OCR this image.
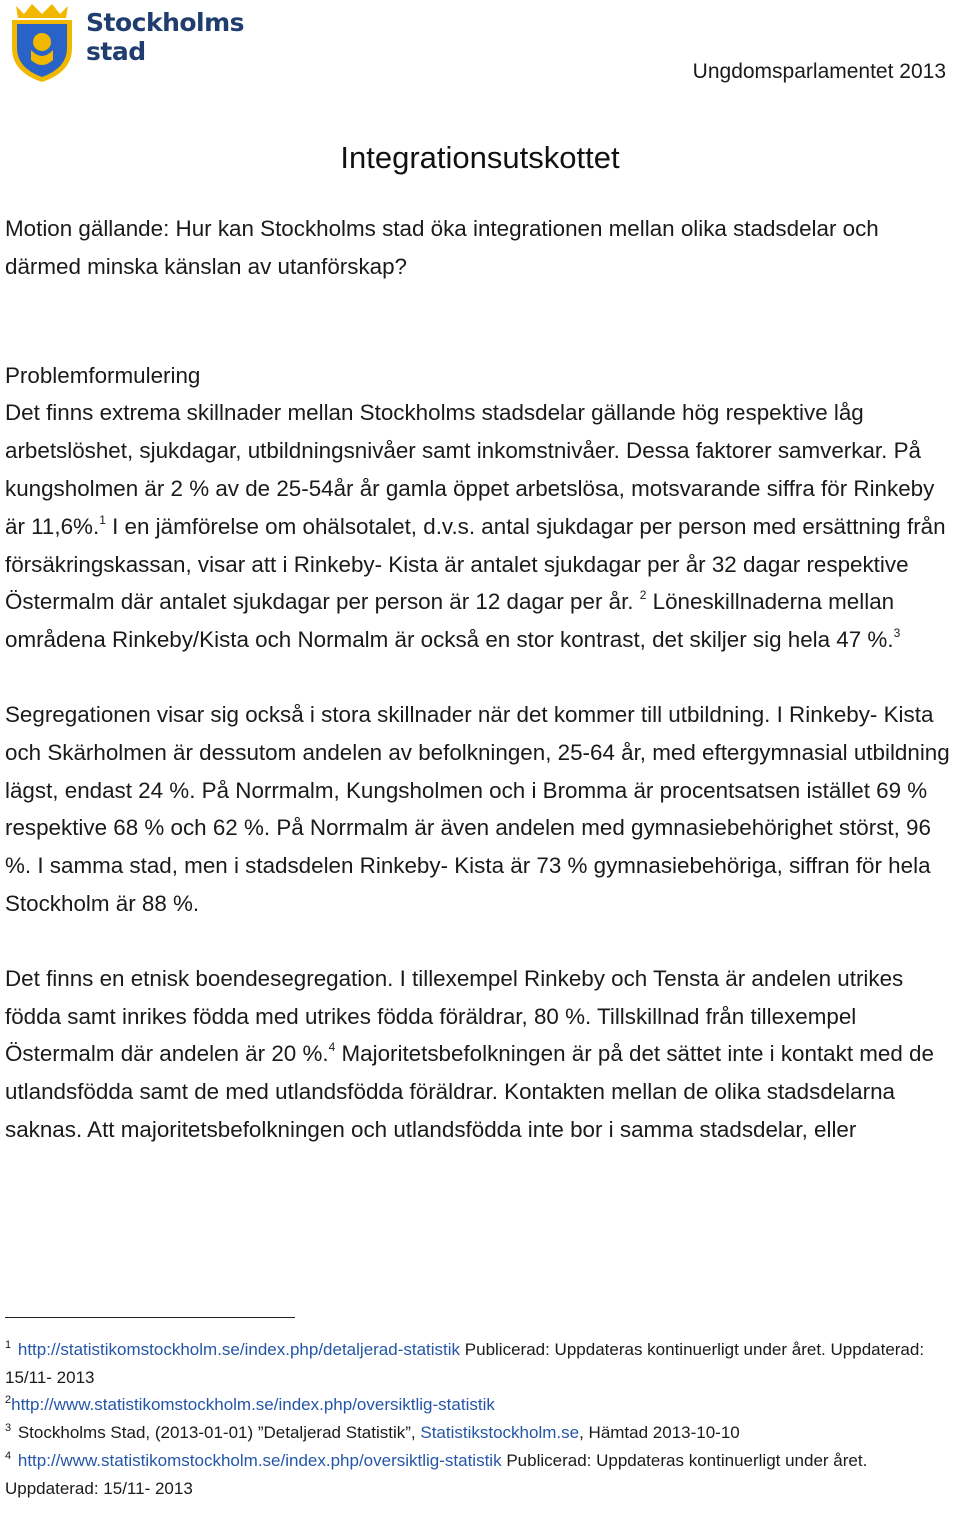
Stockholms
stad
Ungdomsparlamentet 2013
Integrationsutskottet

Motion gällande: Hur kan Stockholms stad öka integrationen mellan olika stadsdelar och därmed minska känslan av utanförskap?

Problemformulering

Det finns extrema skillnader mellan Stockholms stadsdelar gällande hög respektive låg arbetslöshet, sjukdagar, utbildningsnivåer samt inkomstnivåer. Dessa faktorer samverkar. På kungsholmen är 2 % av de 25-54år år gamla öppet arbetslösa, motsvarande siffra för Rinkeby är 11,6%.$^1$ I en jämförelse om ohälsotalet, d.v.s. antal sjukdagar per person med ersättning från försäkringskassan, visar att i Rinkeby- Kista är antalet sjukdagar per år 32 dagar respektive Östermalm där antalet sjukdagar per person är 12 dagar per år. $^2$ Löneskillnaderna mellan områdena Rinkeby/Kista och Normalm är också en stor kontrast, det skiljer sig hela 47 %.$^3$

Segregationen visar sig också i stora skillnader när det kommer till utbildning. I Rinkeby- Kista och Skärholmen är dessutom andelen av befolkningen, 25-64 år, med eftergymnasial utbildning lägst, endast 24 %. På Norrmalm, Kungsholmen och i Bromma är procentsatsen istället 69 % respektive 68 % och 62 %. På Norrmalm är även andelen med gymnasiebehörighet störst, 96 %. I samma stad, men i stadsdelen Rinkeby- Kista är 73 % gymnasiebehöriga, siffran för hela Stockholm är 88 %.

Det finns en etnisk boendesegregation. I tillexempel Rinkeby och Tensta är andelen utrikes födda samt inrikes födda med utrikes födda föräldrar, 80 %. Tillskillnad från tillexempel Östermalm där andelen är 20 %.$^4$ Majoritetsbefolkningen är på det sättet inte i kontakt med de utlandsfödda samt de med utlandsfödda föräldrar. Kontakten mellan de olika stadsdelarna saknas. Att majoritetsbefolkningen och utlandsfödda inte bor i samma stadsdelar, eller

$^1$ http://statistikomstockholm.se/index.php/detaljerad-statistik Publicerad: Uppdateras kontinuerligt under året. Uppdaterad: 15/11- 2013

$^2$http://www.statistikomstockholm.se/index.php/oversiktlig-statistik

$^3$ Stockholms Stad, (2013-01-01) ”Detaljerad Statistik”, Statistikstockholm.se, Hämtad 2013-10-10

$^4$ http://www.statistikomstockholm.se/index.php/oversiktlig-statistik Publicerad: Uppdateras kontinuerligt under året. Uppdaterad: 15/11- 2013
